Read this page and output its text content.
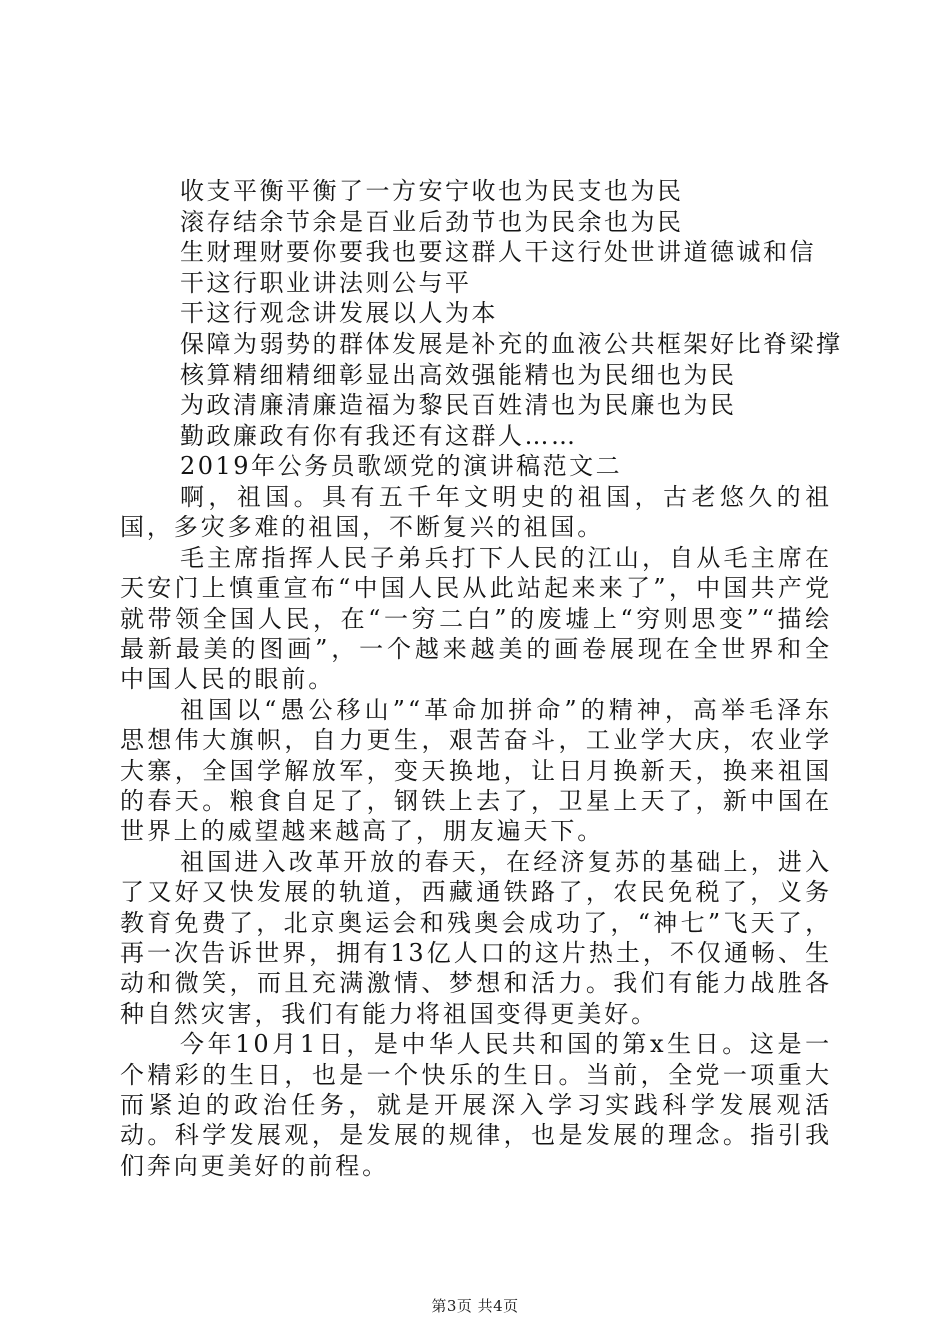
收支平衡平衡了一方安宁收也为民支也为民

滚存结余节余是百业后劲节也为民余也为民

生财理财要你要我也要这群人干这行处世讲道德诚和信

干这行职业讲法则公与平

干这行观念讲发展以人为本

保障为弱势的群体发展是补充的血液公共框架好比脊梁撑

核算精细精细彰显出高效强能精也为民细也为民

为政清廉清廉造福为黎民百姓清也为民廉也为民

勤政廉政有你有我还有这群人……

2019年公务员歌颂党的演讲稿范文二

啊，祖国。具有五千年文明史的祖国，古老悠久的祖国，多灾多难的祖国，不断复兴的祖国。

毛主席指挥人民子弟兵打下人民的江山，自从毛主席在天安门上慎重宣布“中国人民从此站起来来了”，中国共产党就带领全国人民，在“一穷二白”的废墟上“穷则思变”“描绘最新最美的图画”，一个越来越美的画卷展现在全世界和全中国人民的眼前。

祖国以“愚公移山”“革命加拼命”的精神，高举毛泽东思想伟大旗帜，自力更生，艰苦奋斗，工业学大庆，农业学大寨，全国学解放军，变天换地，让日月换新天，换来祖国的春天。粮食自足了，钢铁上去了，卫星上天了，新中国在世界上的威望越来越高了，朋友遍天下。

祖国进入改革开放的春天，在经济复苏的基础上，进入了又好又快发展的轨道，西藏通铁路了，农民免税了，义务教育免费了，北京奥运会和残奥会成功了，“神七”飞天了，再一次告诉世界，拥有13亿人口的这片热土，不仅通畅、生动和微笑，而且充满激情、梦想和活力。我们有能力战胜各种自然灾害，我们有能力将祖国变得更美好。

今年10月1日，是中华人民共和国的第x生日。这是一个精彩的生日，也是一个快乐的生日。当前，全党一项重大而紧迫的政治任务，就是开展深入学习实践科学发展观活动。科学发展观，是发展的规律，也是发展的理念。指引我们奔向更美好的前程。

第3页 共4页
